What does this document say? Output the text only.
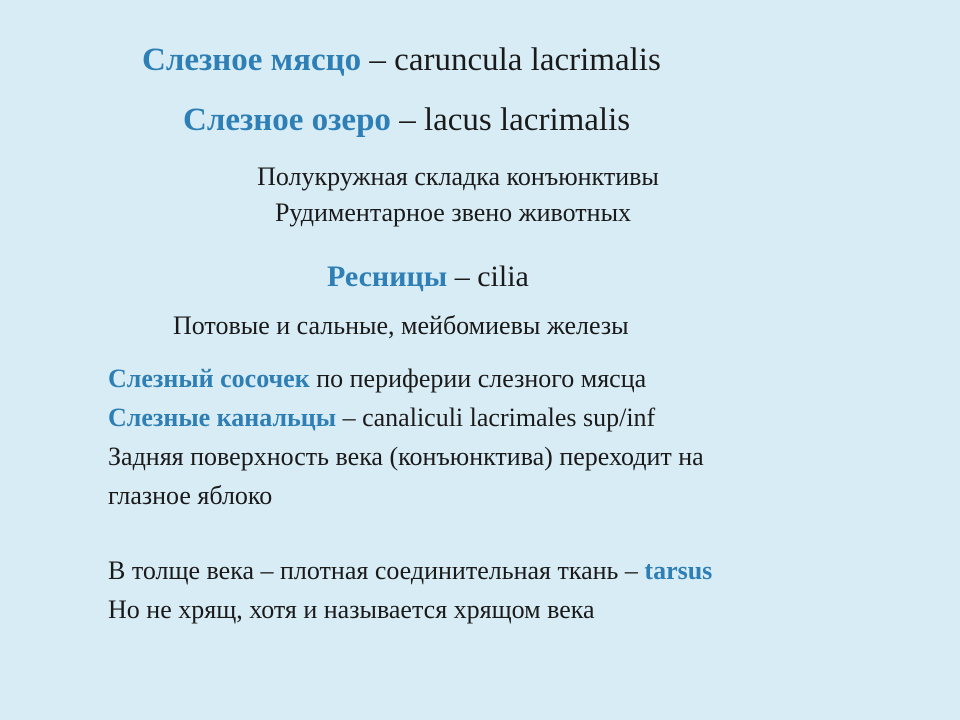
Слезное мясцо – caruncula lacrimalis
Слезное озеро – lacus lacrimalis
Полукружная складка конъюнктивы
Рудиментарное звено животных
Ресницы – cilia
Потовые и сальные, мейбомиевы железы
Слезный сосочек по периферии слезного мясца
Слезные канальцы – canaliculi lacrimales sup/inf
Задняя поверхность века (конъюнктива) переходит на
глазное яблоко
В толще века – плотная соединительная ткань – tarsus
Но не хрящ, хотя и называется хрящом века
